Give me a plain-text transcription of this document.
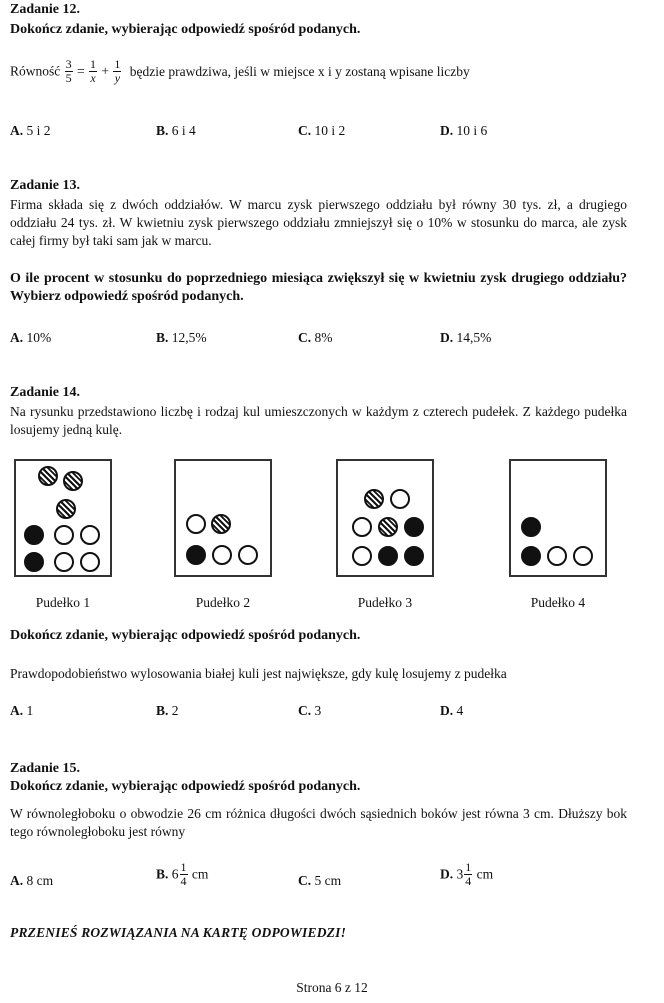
Zadanie 12.
Dokończ zdanie, wybierając odpowiedź spośród podanych.
Równość $\frac{3}{5} = \frac{1}{x} + \frac{1}{y}$ będzie prawdziwa, jeśli w miejsce x i y zostaną wpisane liczby
A. 5 i 2	B. 6 i 4	C. 10 i 2	D. 10 i 6
Zadanie 13.
Firma składa się z dwóch oddziałów. W marcu zysk pierwszego oddziału był równy 30 tys. zł, a drugiego oddziału 24 tys. zł. W kwietniu zysk pierwszego oddziału zmniejszył się o 10% w stosunku do marca, ale zysk całej firmy był taki sam jak w marcu.
O ile procent w stosunku do poprzedniego miesiąca zwiększył się w kwietniu zysk drugiego oddziału? Wybierz odpowiedź spośród podanych.
A. 10%	B. 12,5%	C. 8%	D. 14,5%
Zadanie 14.
Na rysunku przedstawiono liczbę i rodzaj kul umieszczonych w każdym z czterech pudełek. Z każdego pudełka losujemy jedną kulę.
Pudełko 1	Pudełko 2	Pudełko 3	Pudełko 4
Dokończ zdanie, wybierając odpowiedź spośród podanych.
Prawdopodobieństwo wylosowania białej kuli jest największe, gdy kulę losujemy z pudełka
A. 1	B. 2	C. 3	D. 4
Zadanie 15.
Dokończ zdanie, wybierając odpowiedź spośród podanych.
W równoległoboku o obwodzie 26 cm różnica długości dwóch sąsiednich boków jest równa 3 cm. Dłuższy bok tego równoległoboku jest równy
A. 8 cm	B. $6 \frac{1}{4}$ cm	C. 5 cm	D. $3 \frac{1}{4}$ cm
PRZENIEŚ ROZWIĄZANIA NA KARTĘ ODPOWIEDZI!
Strona 6 z 12
